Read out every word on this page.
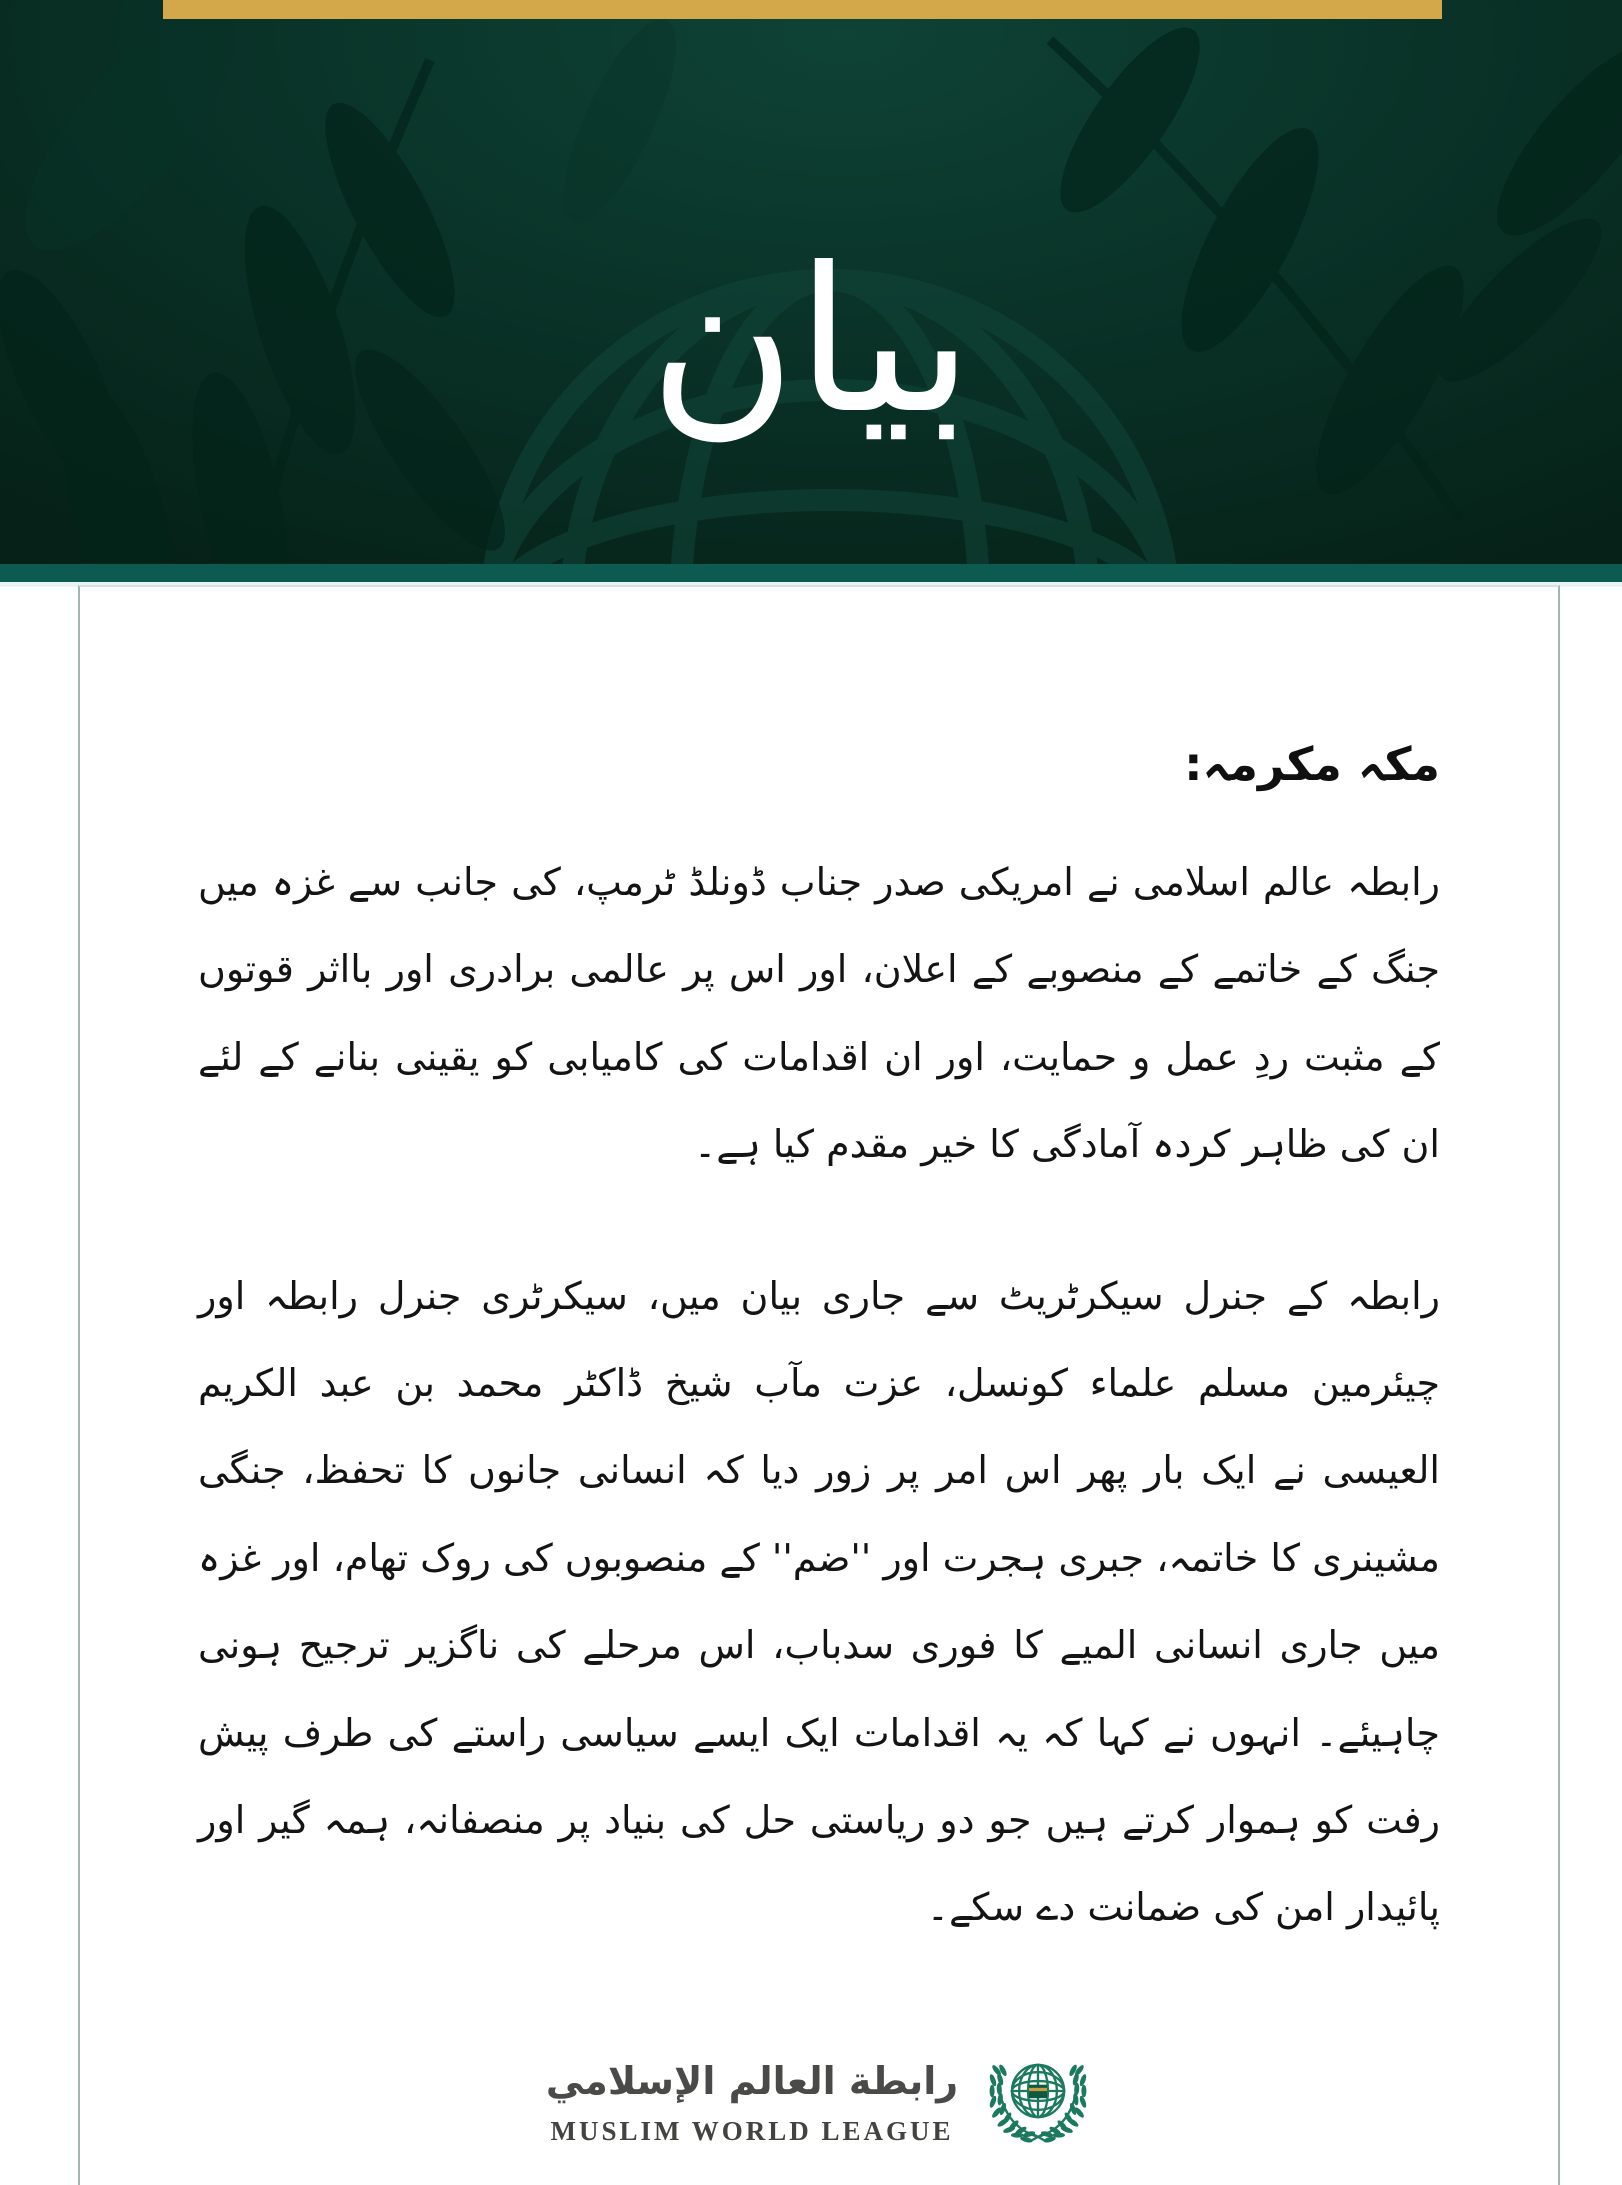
بیان
مکہ مکرمہ:

رابطہ عالم اسلامی نے امریکی صدر جناب ڈونلڈ ٹرمپ، کی جانب سے غزہ میں جنگ کے خاتمے کے منصوبے کے اعلان، اور اس پر عالمی برادری اور بااثر قوتوں کے مثبت ردِ عمل و حمایت، اور ان اقدامات کی کامیابی کو یقینی بنانے کے لئے ان کی ظاہر کردہ آمادگی کا خیر مقدم کیا ہے۔

رابطہ کے جنرل سیکرٹریٹ سے جاری بیان میں، سیکرٹری جنرل رابطہ اور چیئرمین مسلم علماء کونسل، عزت مآب شیخ ڈاکٹر محمد بن عبد الکریم العیسی نے ایک بار پھر اس امر پر زور دیا کہ انسانی جانوں کا تحفظ، جنگی مشینری کا خاتمہ، جبری ہجرت اور ''ضم'' کے منصوبوں کی روک تھام، اور غزہ میں جاری انسانی المیے کا فوری سدباب، اس مرحلے کی ناگزیر ترجیح ہونی چاہیئے۔ انہوں نے کہا کہ یہ اقدامات ایک ایسے سیاسی راستے کی طرف پیش رفت کو ہموار کرتے ہیں جو دو ریاستی حل کی بنیاد پر منصفانہ، ہمہ گیر اور پائیدار امن کی ضمانت دے سکے۔

رابطة العالم الإسلامي
MUSLIM WORLD LEAGUE
